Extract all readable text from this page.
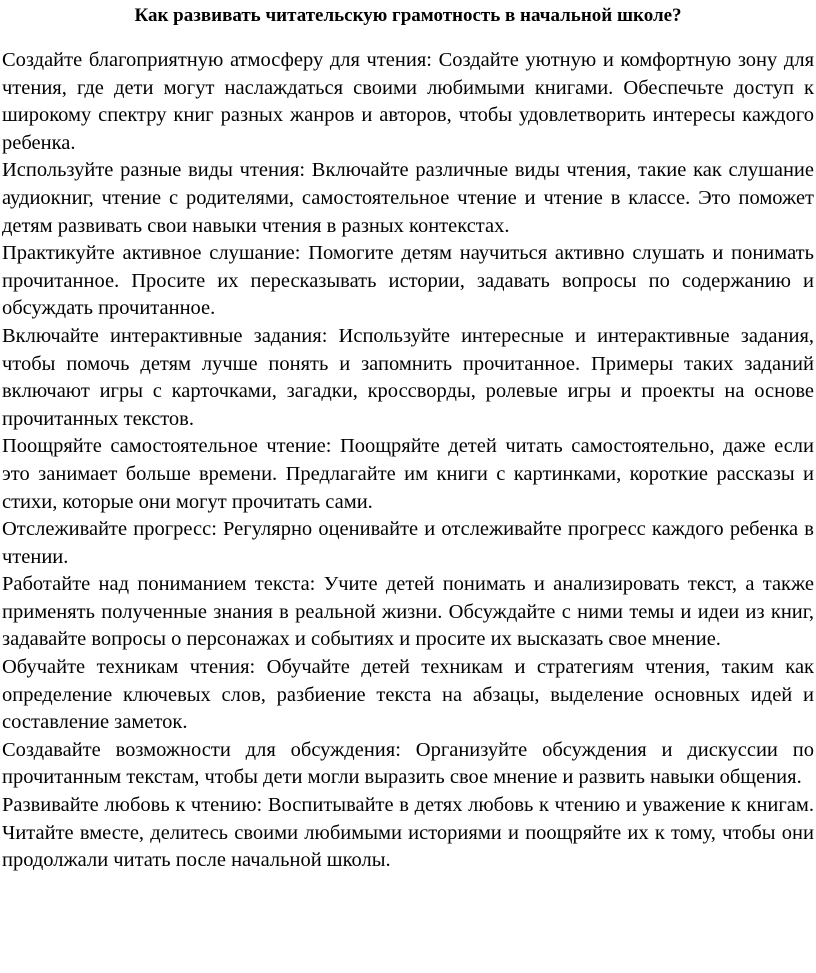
Как развивать читательскую грамотность в начальной школе?

Создайте благоприятную атмосферу для чтения: Создайте уютную и комфортную зону для чтения, где дети могут наслаждаться своими любимыми книгами. Обеспечьте доступ к широкому спектру книг разных жанров и авторов, чтобы удовлетворить интересы каждого ребенка.

Используйте разные виды чтения: Включайте различные виды чтения, такие как слушание аудиокниг, чтение с родителями, самостоятельное чтение и чтение в классе. Это поможет детям развивать свои навыки чтения в разных контекстах.

Практикуйте активное слушание: Помогите детям научиться активно слушать и понимать прочитанное. Просите их пересказывать истории, задавать вопросы по содержанию и обсуждать прочитанное.

Включайте интерактивные задания: Используйте интересные и интерактивные задания, чтобы помочь детям лучше понять и запомнить прочитанное. Примеры таких заданий включают игры с карточками, загадки, кроссворды, ролевые игры и проекты на основе прочитанных текстов.

Поощряйте самостоятельное чтение: Поощряйте детей читать самостоятельно, даже если это занимает больше времени. Предлагайте им книги с картинками, короткие рассказы и стихи, которые они могут прочитать сами.

Отслеживайте прогресс: Регулярно оценивайте и отслеживайте прогресс каждого ребенка в чтении.

Работайте над пониманием текста: Учите детей понимать и анализировать текст, а также применять полученные знания в реальной жизни. Обсуждайте с ними темы и идеи из книг, задавайте вопросы о персонажах и событиях и просите их высказать свое мнение.

Обучайте техникам чтения: Обучайте детей техникам и стратегиям чтения, таким как определение ключевых слов, разбиение текста на абзацы, выделение основных идей и составление заметок.

Создавайте возможности для обсуждения: Организуйте обсуждения и дискуссии по прочитанным текстам, чтобы дети могли выразить свое мнение и развить навыки общения.

Развивайте любовь к чтению: Воспитывайте в детях любовь к чтению и уважение к книгам. Читайте вместе, делитесь своими любимыми историями и поощряйте их к тому, чтобы они продолжали читать после начальной школы.
